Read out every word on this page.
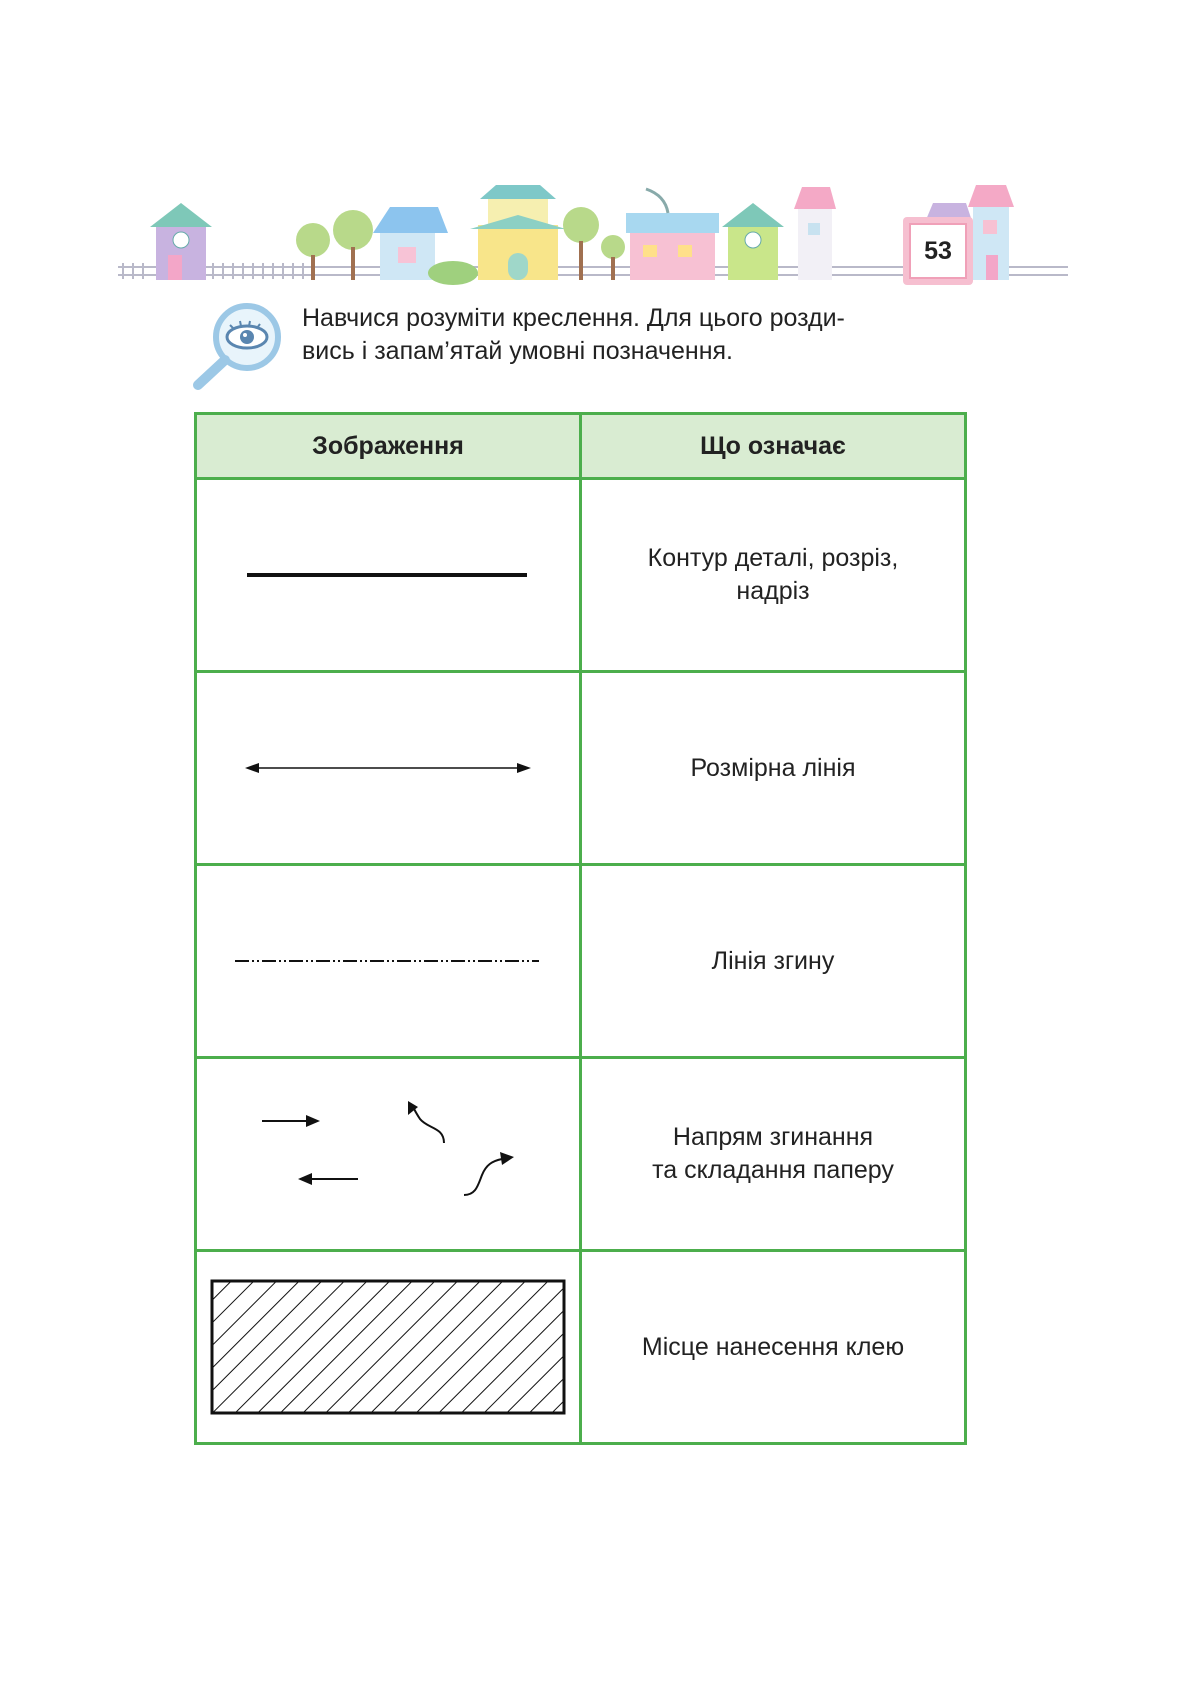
53

Навчися розуміти креслення. Для цього розди-
вись і запам’ятай умовні позначення.

Зображення	Що означає

Контур деталі, розріз,
надріз

Розмірна лінія

Лінія згину

Напрям згинання
та складання паперу

Місце нанесення клею
